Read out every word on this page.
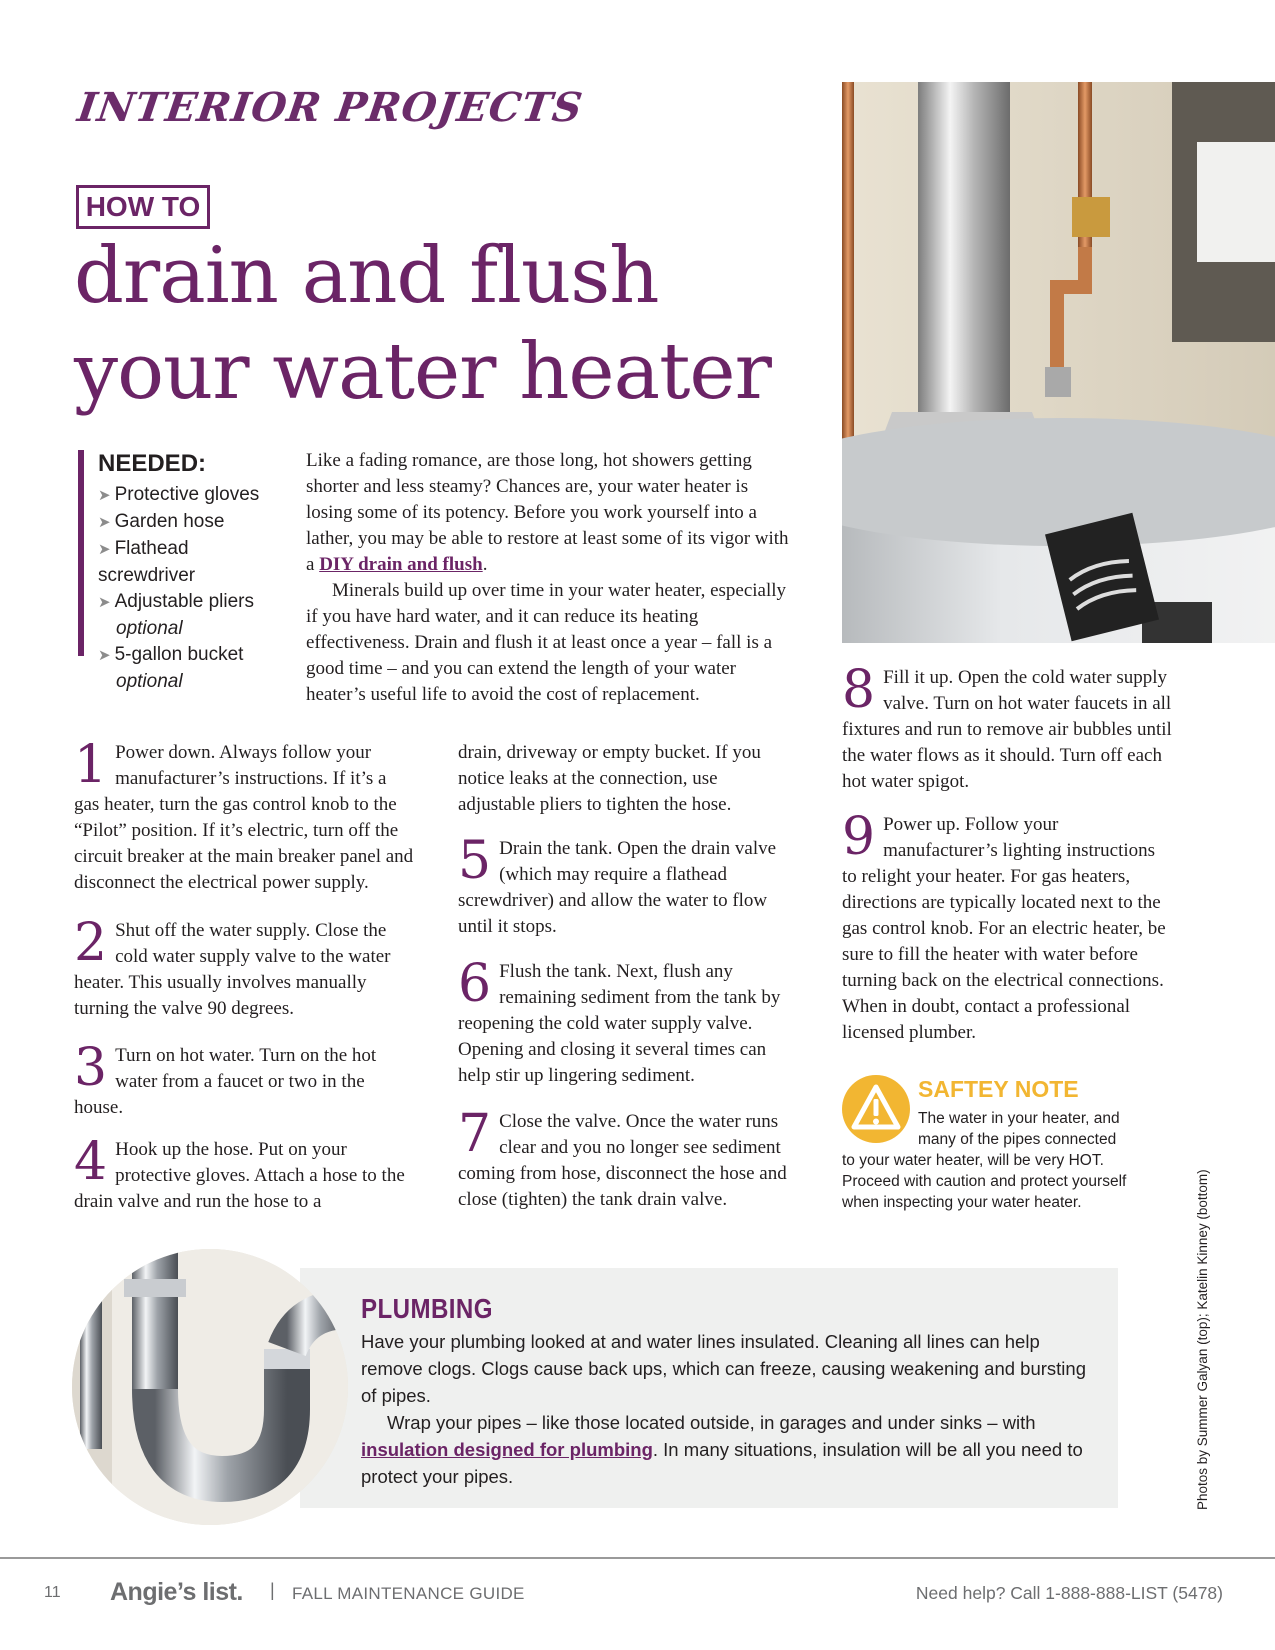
INTERIOR PROJECTS
HOW TO
drain and flush
your water heater
NEEDED:
➤ Protective gloves
➤ Garden hose
➤ Flathead screwdriver
➤ Adjustable pliers
optional
➤ 5-gallon bucket
optional

Like a fading romance, are those long, hot showers getting shorter and less steamy? Chances are, your water heater is losing some of its potency. Before you work yourself into a lather, you may be able to restore at least some of its vigor with a DIY drain and flush.

Minerals build up over time in your water heater, especially if you have hard water, and it can reduce its heating effectiveness. Drain and flush it at least once a year – fall is a good time – and you can extend the length of your water heater’s useful life to avoid the cost of replacement.

1 Power down. Always follow your manufacturer’s instructions. If it’s a gas heater, turn the gas control knob to the “Pilot” position. If it’s electric, turn off the circuit breaker at the main breaker panel and disconnect the electrical power supply.
2 Shut off the water supply. Close the cold water supply valve to the water heater. This usually involves manually turning the valve 90 degrees.
3 Turn on hot water. Turn on the hot water from a faucet or two in the house.
4 Hook up the hose. Put on your protective gloves. Attach a hose to the drain valve and run the hose to a
drain, driveway or empty bucket. If you notice leaks at the connection, use adjustable pliers to tighten the hose.
5 Drain the tank. Open the drain valve (which may require a flathead screwdriver) and allow the water to flow until it stops.
6 Flush the tank. Next, flush any remaining sediment from the tank by reopening the cold water supply valve. Opening and closing it several times can help stir up lingering sediment.
7 Close the valve. Once the water runs clear and you no longer see sediment coming from hose, disconnect the hose and close (tighten) the tank drain valve.
8 Fill it up. Open the cold water supply valve. Turn on hot water faucets in all fixtures and run to remove air bubbles until the water flows as it should. Turn off each hot water spigot.
9 Power up. Follow your manufacturer’s lighting instructions to relight your heater. For gas heaters, directions are typically located next to the gas control knob. For an electric heater, be sure to fill the heater with water before turning back on the electrical connections. When in doubt, contact a professional licensed plumber.
SAFTEY NOTE
The water in your heater, and
many of the pipes connected
to your water heater, will be very HOT. Proceed with caution and protect yourself when inspecting your water heater.	Photos by Summer Galyan (top); Katelin Kinney (bottom)
PLUMBING

Have your plumbing looked at and water lines insulated. Cleaning all lines can help remove clogs. Clogs cause back ups, which can freeze, causing weakening and bursting of pipes.

Wrap your pipes – like those located outside, in garages and under sinks – with insulation designed for plumbing. In many situations, insulation will be all you need to protect your pipes.

11 Angie’s list. | FALL MAINTENANCE GUIDE	Need help? Call 1-888-888-LIST (5478)
